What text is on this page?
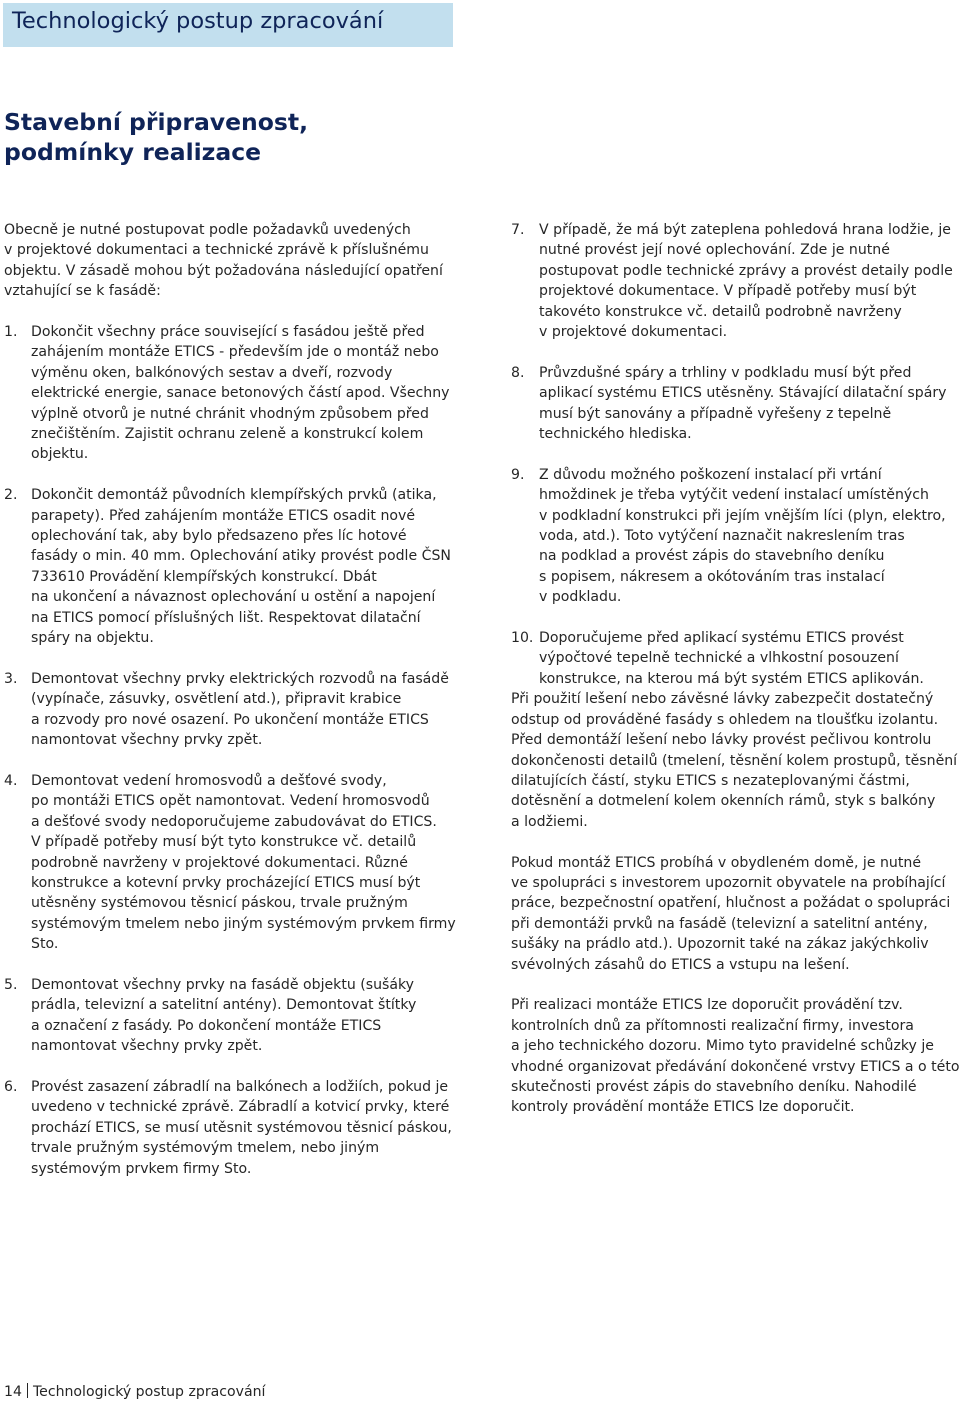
Technologický postup zpracování
Stavební připravenost,
podmínky realizace

Obecně je nutné postupovat podle požadavků uvedených
v projektové dokumentaci a technické zprávě k příslušnému
objektu. V zásadě mohou být požadována následující opatření
vztahující se k fasádě:

1. Dokončit všechny práce související s fasádou ještě před
zahájením montáže ETICS - především jde o montáž nebo
výměnu oken, balkónových sestav a dveří, rozvody
elektrické energie, sanace betonových částí apod. Všechny
výplně otvorů je nutné chránit vhodným způsobem před
znečištěním. Zajistit ochranu zeleně a konstrukcí kolem
objektu.
2. Dokončit demontáž původních klempířských prvků (atika,
parapety). Před zahájením montáže ETICS osadit nové
oplechování tak, aby bylo předsazeno přes líc hotové
fasády o min. 40 mm. Oplechování atiky provést podle ČSN
733610 Provádění klempířských konstrukcí. Dbát
na ukončení a návaznost oplechování u ostění a napojení
na ETICS pomocí příslušných lišt. Respektovat dilatační
spáry na objektu.
3. Demontovat všechny prvky elektrických rozvodů na fasádě
(vypínače, zásuvky, osvětlení atd.), připravit krabice
a rozvody pro nové osazení. Po ukončení montáže ETICS
namontovat všechny prvky zpět.
4. Demontovat vedení hromosvodů a dešťové svody,
po montáži ETICS opět namontovat. Vedení hromosvodů
a dešťové svody nedoporučujeme zabudovávat do ETICS.
V případě potřeby musí být tyto konstrukce vč. detailů
podrobně navrženy v projektové dokumentaci. Různé
konstrukce a kotevní prvky procházející ETICS musí být
utěsněny systémovou těsnicí páskou, trvale pružným
systémovým tmelem nebo jiným systémovým prvkem firmy
Sto.
5. Demontovat všechny prvky na fasádě objektu (sušáky
prádla, televizní a satelitní antény). Demontovat štítky
a označení z fasády. Po dokončení montáže ETICS
namontovat všechny prvky zpět.
6. Provést zasazení zábradlí na balkónech a lodžiích, pokud je
uvedeno v technické zprávě. Zábradlí a kotvicí prvky, které
prochází ETICS, se musí utěsnit systémovou těsnicí páskou,
trvale pružným systémovým tmelem, nebo jiným
systémovým prvkem firmy Sto.
7.	V případě, že má být zateplena pohledová hrana lodžie, je
nutné provést její nové oplechování. Zde je nutné
postupovat podle technické zprávy a provést detaily podle
projektové dokumentace. V případě potřeby musí být
takovéto konstrukce vč. detailů podrobně navrženy
v projektové dokumentaci.
8.	Průvzdušné spáry a trhliny v podkladu musí být před
aplikací systému ETICS utěsněny. Stávající dilatační spáry
musí být sanovány a případně vyřešeny z tepelně
technického hlediska.
9.	Z důvodu možného poškození instalací při vrtání
hmoždinek je třeba vytýčit vedení instalací umístěných
v podkladní konstrukci při jejím vnějším líci (plyn, elektro,
voda, atd.). Toto vytýčení naznačit nakreslením tras
na podklad a provést zápis do stavebního deníku
s popisem, nákresem a okótováním tras instalací
v podkladu.
10. Doporučujeme před aplikací systému ETICS provést
výpočtové tepelně technické a vlhkostní posouzení
konstrukce, na kterou má být systém ETICS aplikován.

Při použití lešení nebo závěsné lávky zabezpečit dostatečný
odstup od prováděné fasády s ohledem na tloušťku izolantu.
Před demontáží lešení nebo lávky provést pečlivou kontrolu
dokončenosti detailů (tmelení, těsnění kolem prostupů, těsnění
dilatujících částí, styku ETICS s nezateplovanými částmi,
dotěsnění a dotmelení kolem okenních rámů, styk s balkóny
a lodžiemi.

Pokud montáž ETICS probíhá v obydleném domě, je nutné
ve spolupráci s investorem upozornit obyvatele na probíhající
práce, bezpečnostní opatření, hlučnost a požádat o spolupráci
při demontáži prvků na fasádě (televizní a satelitní antény,
sušáky na prádlo atd.). Upozornit také na zákaz jakýchkoliv
svévolných zásahů do ETICS a vstupu na lešení.

Při realizaci montáže ETICS lze doporučit provádění tzv.
kontrolních dnů za přítomnosti realizační firmy, investora
a jeho technického dozoru. Mimo tyto pravidelné schůzky je
vhodné organizovat předávání dokončené vrstvy ETICS a o této
skutečnosti provést zápis do stavebního deníku. Nahodilé
kontroly provádění montáže ETICS lze doporučit.

14 Technologický postup zpracování
